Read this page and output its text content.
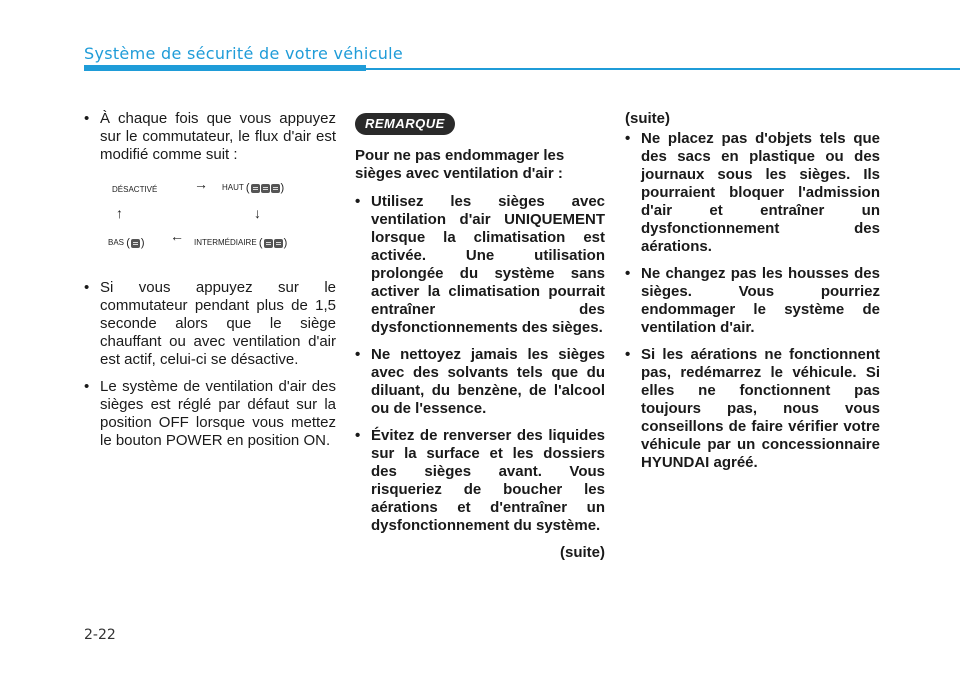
Système de sécurité de votre véhicule
• À chaque fois que vous appuyez sur le commutateur, le flux d'air est modifié comme suit :
DÉSACTIVÉ	→ HAUT (	)
↑	↓
BAS ( ) ← INTERMÉDIAIRE ( )
• Si vous appuyez sur le commutateur pendant plus de 1,5 seconde alors que le siège chauffant ou avec ventilation d'air est actif, celui-ci se désactive.
• Le système de ventilation d'air des sièges est réglé par défaut sur la position OFF lorsque vous mettez le bouton POWER en position ON.
REMARQUE
Pour ne pas endommager les sièges avec ventilation d'air :
• Utilisez les sièges avec ventilation d'air UNIQUEMENT lorsque la climatisation est activée. Une utilisation prolongée du système sans activer la climatisation pourrait entraîner des dysfonctionnements des sièges.
• Ne nettoyez jamais les sièges avec des solvants tels que du diluant, du benzène, de l'alcool ou de l'essence.
• Évitez de renverser des liquides sur la surface et les dossiers des sièges avant. Vous risqueriez de boucher les aérations et d'entraîner un dysfonctionnement du système.
(suite)
(suite)
• Ne placez pas d'objets tels que des sacs en plastique ou des journaux sous les sièges. Ils pourraient bloquer l'admission d'air et entraîner un dysfonctionnement des aérations.
• Ne changez pas les housses des sièges. Vous pourriez endommager le système de ventilation d'air.
• Si les aérations ne fonctionnent pas, redémarrez le véhicule. Si elles ne fonctionnent pas toujours pas, nous vous conseillons de faire vérifier votre véhicule par un concessionnaire HYUNDAI agréé.
2-22
